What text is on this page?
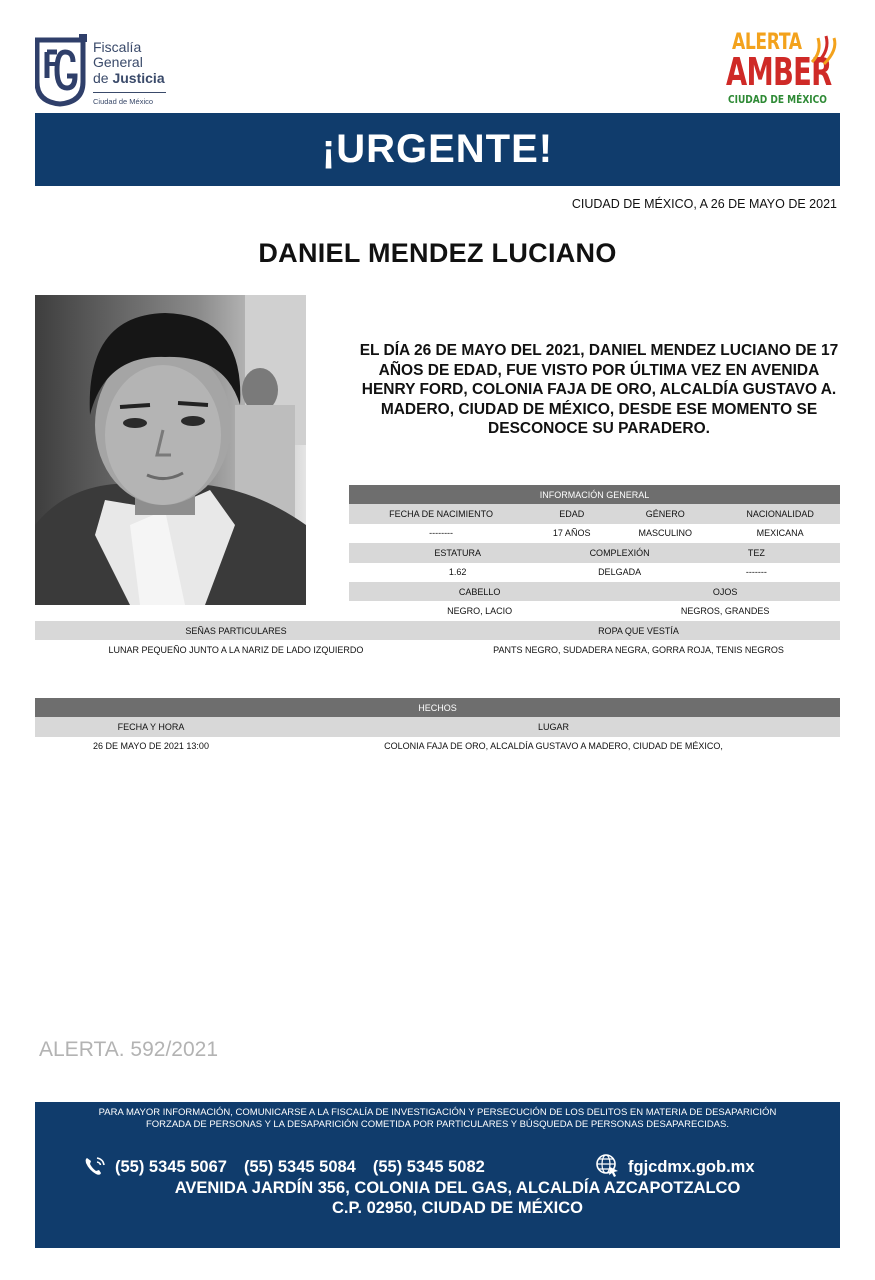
Fiscalía
General
de Justicia
Ciudad de México
ALERTA
AMBER
CIUDAD DE MÉXICO
¡URGENTE!
CIUDAD DE MÉXICO, A 26 DE MAYO DE 2021
DANIEL MENDEZ LUCIANO
EL DÍA 26 DE MAYO DEL 2021, DANIEL MENDEZ LUCIANO DE 17 AÑOS DE EDAD, FUE VISTO POR ÚLTIMA VEZ EN AVENIDA HENRY FORD, COLONIA FAJA DE ORO, ALCALDÍA GUSTAVO A. MADERO, CIUDAD DE MÉXICO, DESDE ESE MOMENTO SE DESCONOCE SU PARADERO.
INFORMACIÓN GENERAL					
FECHA DE NACIMIENTO	EDAD		GÉNERO		NACIONALIDAD
--------	17 AÑOS		MASCULINO		MEXICANA
ESTATURA		COMPLEXIÓN		TEZ	
1.62		DELGADA		-------	
CABELLO			OJOS		
NEGRO, LACIO			NEGROS, GRANDES		
SEÑAS PARTICULARES	ROPA QUE VESTÍA
LUNAR PEQUEÑO JUNTO A LA NARIZ DE LADO IZQUIERDO	PANTS NEGRO, SUDADERA NEGRA, GORRA ROJA, TENIS NEGROS
HECHOS	
FECHA Y HORA	LUGAR
26 DE MAYO DE 2021 13:00	COLONIA FAJA DE ORO, ALCALDÍA GUSTAVO A MADERO, CIUDAD DE MÉXICO,
ALERTA. 592/2021
PARA MAYOR INFORMACIÓN, COMUNICARSE A LA FISCALÍA DE INVESTIGACIÓN Y PERSECUCIÓN DE LOS DELITOS EN MATERIA DE DESAPARICIÓN
FORZADA DE PERSONAS Y LA DESAPARICIÓN COMETIDA POR PARTICULARES Y BÚSQUEDA DE PERSONAS DESAPARECIDAS.
(55) 5345 5067 (55) 5345 5084 (55) 5345 5082	fgjcdmx.gob.mx
AVENIDA JARDÍN 356, COLONIA DEL GAS, ALCALDÍA AZCAPOTZALCO
C.P. 02950, CIUDAD DE MÉXICO
